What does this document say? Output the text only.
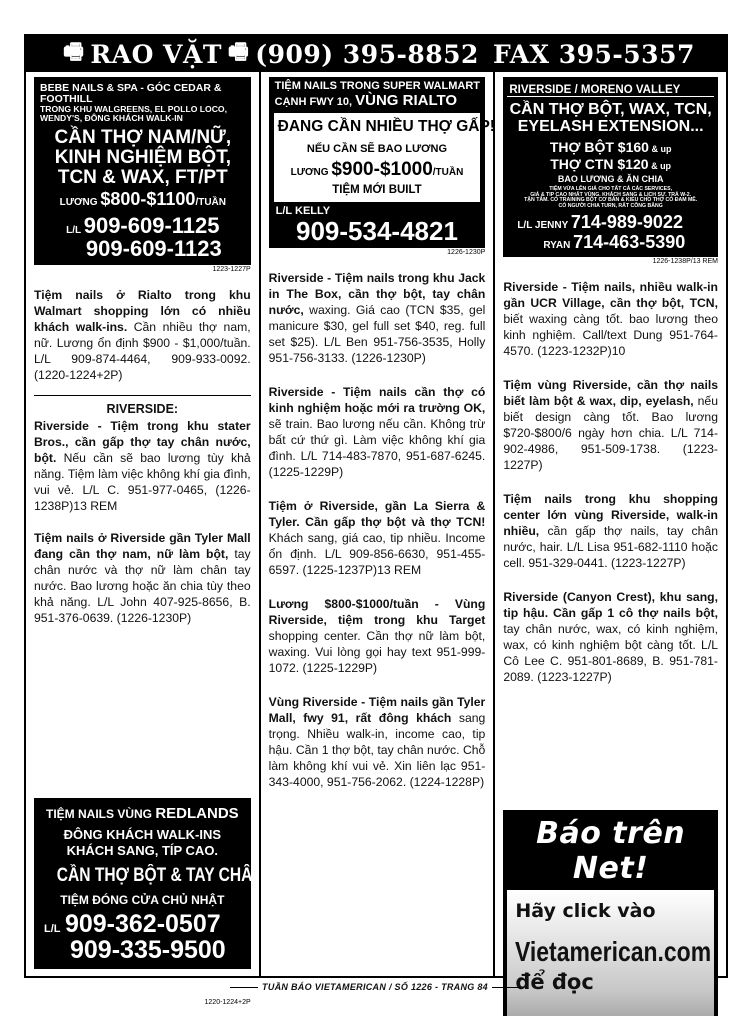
🖷 RAO VẶT 🖷 (909) 395-8852 FAX 395-5357
BEBE NAILS & SPA - GÓC CEDAR & FOOTHILL
TRONG KHU WALGREENS, EL POLLO LOCO,
WENDY'S, ĐÔNG KHÁCH WALK-IN
CẦN THỢ NAM/NỮ,
KINH NGHIỆM BỘT,
TCN & WAX, FT/PT
LƯƠNG $800-$1100/TUẦN
L/L 909-609-1125
909-609-1123
1223-1227P

Tiệm nails ở Rialto trong khu Walmart shopping lớn có nhiều khách walk-ins. Cần nhiều thợ nam, nữ. Lương ổn định $900 - $1,000/tuần. L/L 909-874-4464, 909-933-0092. (1220-1224+2P)

RIVERSIDE:

Riverside - Tiệm trong khu stater Bros., cần gấp thợ tay chân nước, bột. Nếu cần sẽ bao lương tùy khả năng. Tiệm làm việc không khí gia đình, vui vẻ. L/L C. 951-977-0465, (1226-1238P)13 REM

Tiệm nails ở Riverside gần Tyler Mall đang cần thợ nam, nữ làm bột, tay chân nước và thợ nữ làm chân tay nước. Bao lương hoặc ăn chia tùy theo khả năng. L/L John 407-925-8656, B. 951-376-0639. (1226-1230P)

TIỆM NAILS VÙNG REDLANDS
ĐÔNG KHÁCH WALK-INS
KHÁCH SANG, TÍP CAO.
CẦN THỢ BỘT & TAY CHÂN NƯỚC
TIỆM ĐÓNG CỬA CHỦ NHẬT
L/L 909-362-0507
909-335-9500
1220-1224+2P
TIỆM NAILS TRONG SUPER WALMART
CẠNH FWY 10, VÙNG RIALTO
ĐANG CẦN NHIỀU THỢ GẤP!
NẾU CẦN SẼ BAO LƯƠNG
LƯƠNG $900-$1000/TUẦN
TIỆM MỚI BUILT
L/L KELLY
909-534-4821
1226-1230P

Riverside - Tiệm nails trong khu Jack in The Box, cần thợ bột, tay chân nước, waxing. Giá cao (TCN $35, gel manicure $30, gel full set $40, reg. full set $25). L/L Ben 951-756-3535, Holly 951-756-3133. (1226-1230P)

Riverside - Tiệm nails cần thợ có kinh nghiệm hoặc mới ra trường OK, sẽ train. Bao lương nếu cần. Không trừ bất cứ thứ gì. Làm việc không khí gia đình. L/L 714-483-7870, 951-687-6245. (1225-1229P)

Tiệm ở Riverside, gần La Sierra & Tyler. Cần gấp thợ bột và thợ TCN! Khách sang, giá cao, tip nhiều. Income ổn định. L/L 909-856-6630, 951-455-6597. (1225-1237P)13 REM

Lương $800-$1000/tuần - Vùng Riverside, tiệm trong khu Target shopping center. Cần thợ nữ làm bột, waxing. Vui lòng gọi hay text 951-999-1072. (1225-1229P)

Vùng Riverside - Tiệm nails gần Tyler Mall, fwy 91, rất đông khách sang trọng. Nhiều walk-in, income cao, tip hậu. Cần 1 thợ bột, tay chân nước. Chỗ làm không khí vui vẻ. Xin liên lạc 951-343-4000, 951-756-2062. (1224-1228P)

RIVERSIDE / MORENO VALLEY
CẦN THỢ BỘT, WAX, TCN,
EYELASH EXTENSION...
THỢ BỘT $160 & up
THỢ CTN $120 & up
BAO LƯƠNG & ĂN CHIA
TIỆM VỪA LÊN GIÁ CHO TẤT CẢ CÁC SERVICES,
GIÁ & TIP CAO NHẤT VÙNG. KHÁCH SANG & LỊCH SỰ. TRẢ W-2.
TẬN TÂM. CÓ TRAINING BỘT CƠ BẢN & KIỂU CHO THỢ CÓ ĐAM MÊ.
CÓ NGƯỜI CHIA TURN, RẤT CÔNG BẰNG
L/L JENNY 714-989-9022
RYAN 714-463-5390
1226-1238P/13 REM

Riverside - Tiệm nails, nhiều walk-in gần UCR Village, cần thợ bột, TCN, biết waxing càng tốt. bao lương theo kinh nghiệm. Call/text Dung 951-764-4570. (1223-1232P)10

Tiệm vùng Riverside, cần thợ nails biết làm bột & wax, dip, eyelash, nếu biết design càng tốt. Bao lương $720-$800/6 ngày hơn chia. L/L 714-902-4986, 951-509-1738. (1223-1227P)

Tiệm nails trong khu shopping center lớn vùng Riverside, walk-in nhiều, cần gấp thợ nails, tay chân nước, hair. L/L Lisa 951-682-1110 hoặc cell. 951-329-0441. (1223-1227P)

Riverside (Canyon Crest), khu sang, tip hậu. Cần gấp 1 cô thợ nails bột, tay chân nước, wax, có kinh nghiệm, wax, có kinh nghiệm bột càng tốt. L/L Cô Lee C. 951-801-8689, B. 951-781-2089. (1223-1227P)

Báo trên Net!
Hãy click vào
Vietamerican.com
để đọc
TUẦN BÁO VIETAMERICAN / SỐ 1226 - TRANG 84
